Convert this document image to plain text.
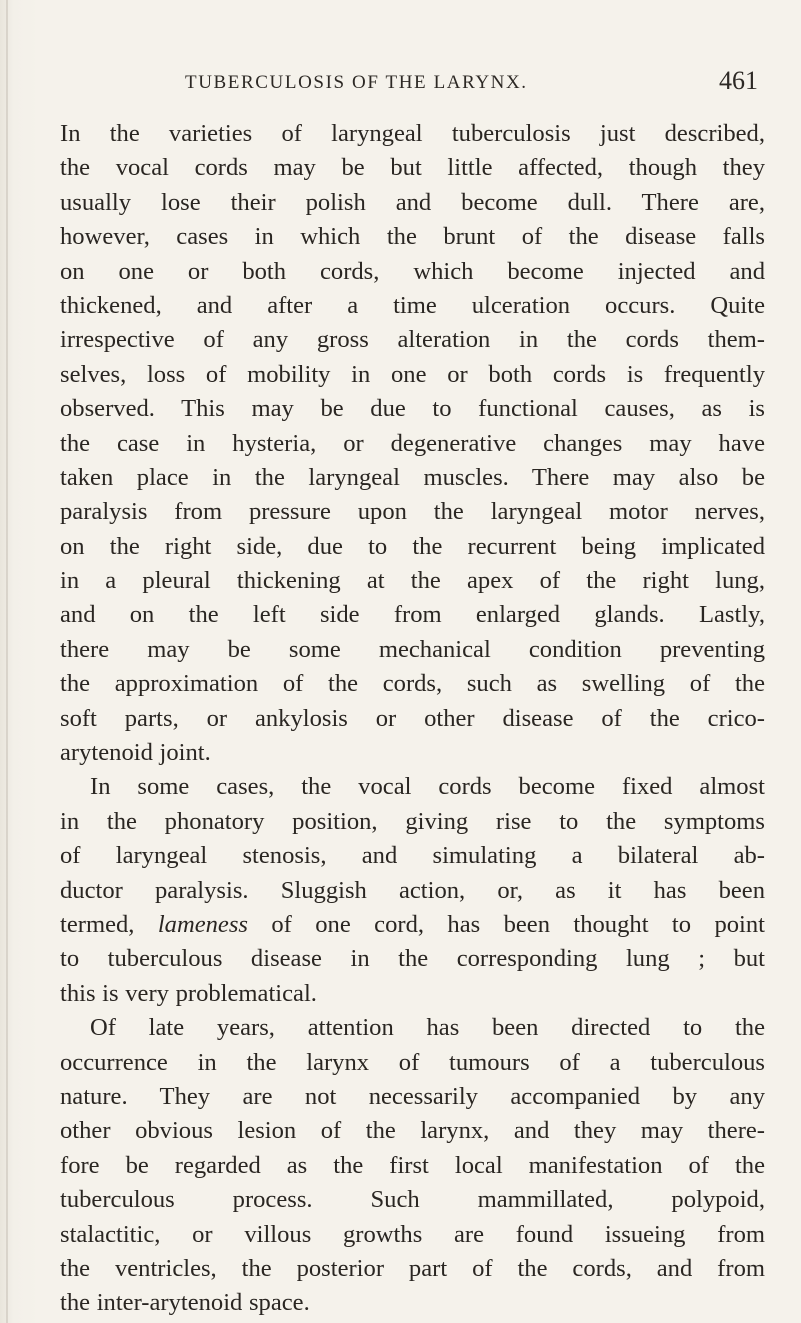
TUBERCULOSIS OF THE LARYNX.	461
In the varieties of laryngeal tuberculosis just described,
the vocal cords may be but little affected, though they
usually lose their polish and become dull. There are,
however, cases in which the brunt of the disease falls
on one or both cords, which become injected and
thickened, and after a time ulceration occurs. Quite
irrespective of any gross alteration in the cords them-
selves, loss of mobility in one or both cords is frequently
observed. This may be due to functional causes, as is
the case in hysteria, or degenerative changes may have
taken place in the laryngeal muscles. There may also be
paralysis from pressure upon the laryngeal motor nerves,
on the right side, due to the recurrent being implicated
in a pleural thickening at the apex of the right lung,
and on the left side from enlarged glands. Lastly,
there may be some mechanical condition preventing
the approximation of the cords, such as swelling of the
soft parts, or ankylosis or other disease of the crico-
arytenoid joint.
In some cases, the vocal cords become fixed almost
in the phonatory position, giving rise to the symptoms
of laryngeal stenosis, and simulating a bilateral ab-
ductor paralysis. Sluggish action, or, as it has been
termed, lameness of one cord, has been thought to point
to tuberculous disease in the corresponding lung ; but
this is very problematical.
Of late years, attention has been directed to the
occurrence in the larynx of tumours of a tuberculous
nature. They are not necessarily accompanied by any
other obvious lesion of the larynx, and they may there-
fore be regarded as the first local manifestation of the
tuberculous process. Such mammillated, polypoid,
stalactitic, or villous growths are found issueing from
the ventricles, the posterior part of the cords, and from
the inter-arytenoid space.
